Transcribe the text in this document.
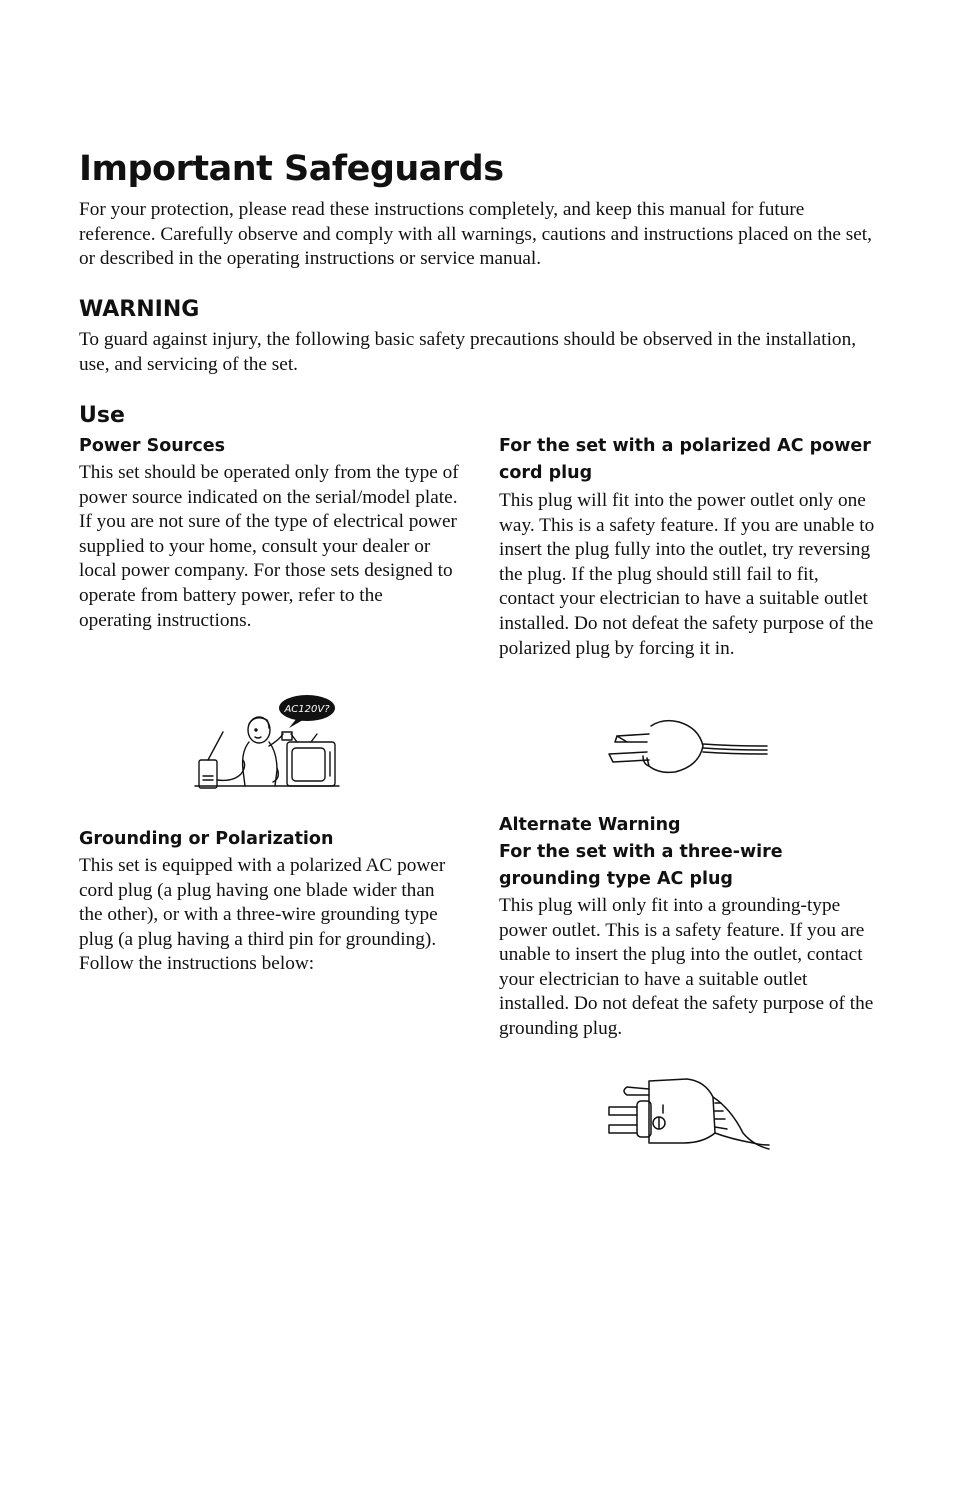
Important Safeguards

For your protection, please read these instructions completely, and keep this manual for future reference. Carefully observe and comply with all warnings, cautions and instructions placed on the set, or described in the operating instructions or service manual.

WARNING

To guard against injury, the following basic safety precautions should be observed in the installation, use, and servicing of the set.

Use
Power Sources

This set should be operated only from the type of power source indicated on the serial/model plate. If you are not sure of the type of electrical power supplied to your home, consult your dealer or local power company. For those sets designed to operate from battery power, refer to the operating instructions.

AC120V?
For the set with a polarized AC power cord plug

This plug will fit into the power outlet only one way. This is a safety feature. If you are unable to insert the plug fully into the outlet, try reversing the plug. If the plug should still fail to fit, contact your electrician to have a suitable outlet installed. Do not defeat the safety purpose of the polarized plug by forcing it in.

Grounding or Polarization
This set is equipped with a polarized AC power cord plug (a plug having one blade wider than the other), or with a three-wire grounding type plug (a plug having a third pin for grounding).
Follow the instructions below:
Alternate Warning
For the set with a three-wire grounding type AC plug

This plug will only fit into a grounding-type power outlet. This is a safety feature. If you are unable to insert the plug into the outlet, contact your electrician to have a suitable outlet installed. Do not defeat the safety purpose of the grounding plug.
